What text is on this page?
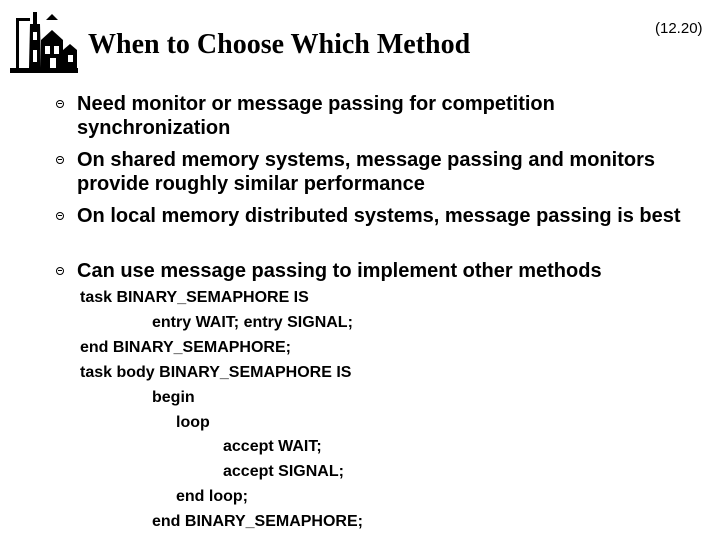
When to Choose Which Method
(12.20)
Need monitor or message passing for competition synchronization
On shared memory systems, message passing and monitors provide roughly similar performance
On local memory distributed systems, message passing is best
Can use message passing to implement other methods
task BINARY_SEMAPHORE IS
entry WAIT; entry SIGNAL;
end BINARY_SEMAPHORE;
task body BINARY_SEMAPHORE IS
begin
loop
accept WAIT;
accept SIGNAL;
end loop;
end BINARY_SEMAPHORE;
